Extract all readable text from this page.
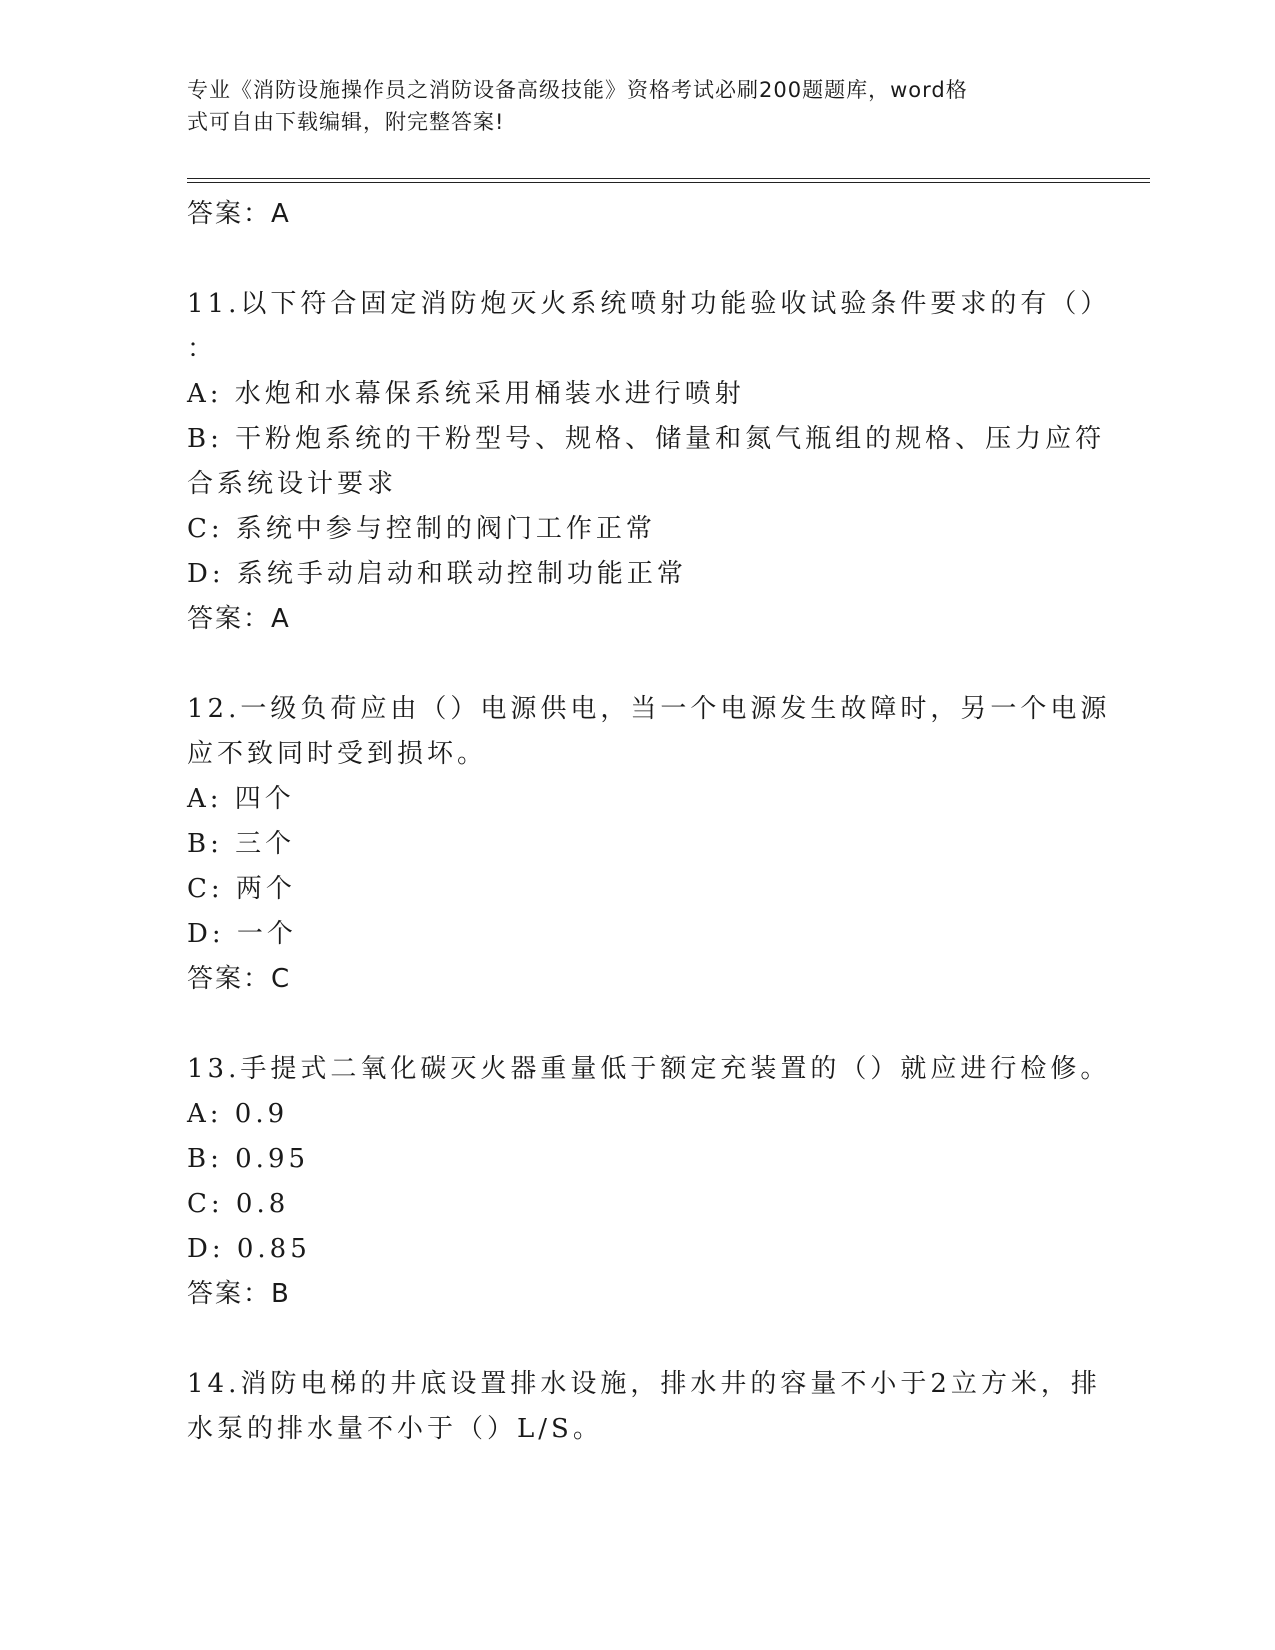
专业《消防设施操作员之消防设备高级技能》资格考试必刷200题题库，word格
式可自由下载编辑，附完整答案!
答案：A
11.以下符合固定消防炮灭火系统喷射功能验收试验条件要求的有（）
：
A: 水炮和水幕保系统采用桶装水进行喷射
B: 干粉炮系统的干粉型号、规格、储量和氮气瓶组的规格、压力应符
合系统设计要求
C: 系统中参与控制的阀门工作正常
D: 系统手动启动和联动控制功能正常
答案：A
12.一级负荷应由（）电源供电，当一个电源发生故障时，另一个电源
应不致同时受到损坏。
A: 四个
B: 三个
C: 两个
D: 一个
答案：C
13.手提式二氧化碳灭火器重量低于额定充装置的（）就应进行检修。
A: 0.9
B: 0.95
C: 0.8
D: 0.85
答案：B
14.消防电梯的井底设置排水设施，排水井的容量不小于2立方米，排
水泵的排水量不小于（）L/S。
